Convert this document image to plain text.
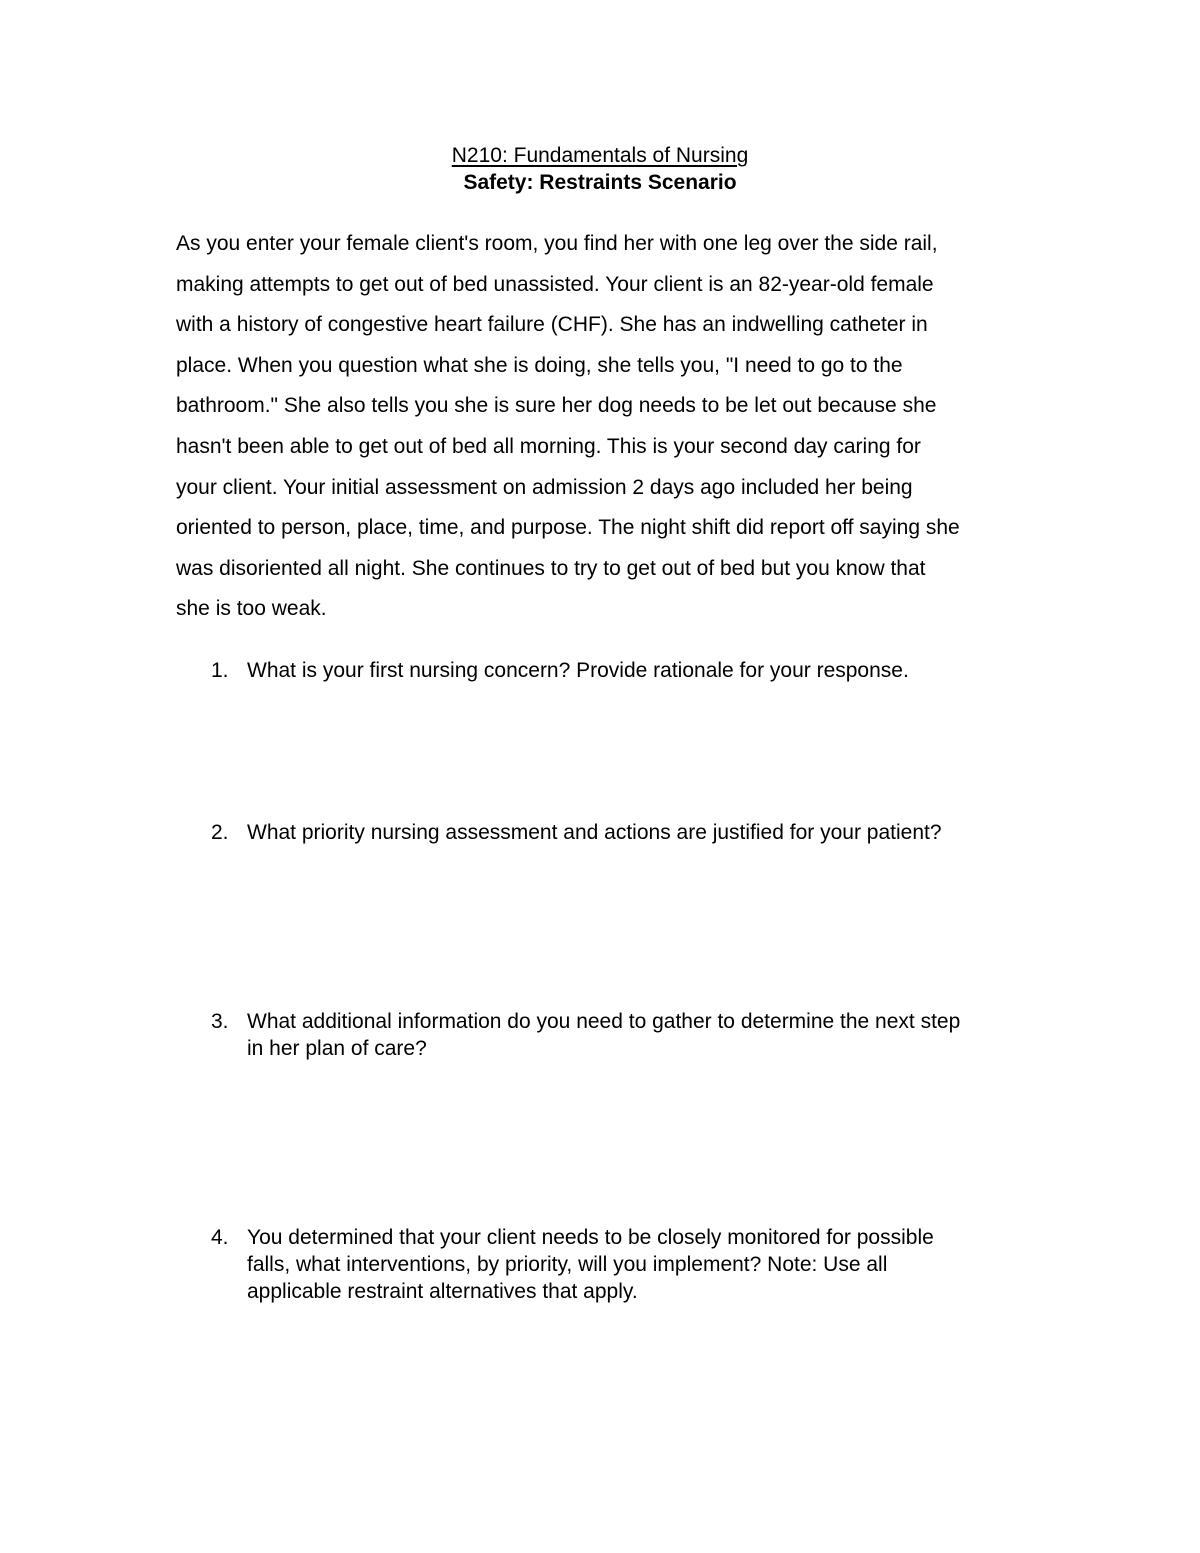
N210: Fundamentals of Nursing
Safety: Restraints Scenario

As you enter your female client's room, you find her with one leg over the side rail,
making attempts to get out of bed unassisted. Your client is an 82-year-old female
with a history of congestive heart failure (CHF). She has an indwelling catheter in
place. When you question what she is doing, she tells you, "I need to go to the
bathroom." She also tells you she is sure her dog needs to be let out because she
hasn't been able to get out of bed all morning. This is your second day caring for
your client. Your initial assessment on admission 2 days ago included her being
oriented to person, place, time, and purpose. The night shift did report off saying she
was disoriented all night. She continues to try to get out of bed but you know that
she is too weak.

1. What is your first nursing concern? Provide rationale for your response.
2. What priority nursing assessment and actions are justified for your patient?
3. What additional information do you need to gather to determine the next step
in her plan of care?
4. You determined that your client needs to be closely monitored for possible
falls, what interventions, by priority, will you implement? Note: Use all
applicable restraint alternatives that apply.
